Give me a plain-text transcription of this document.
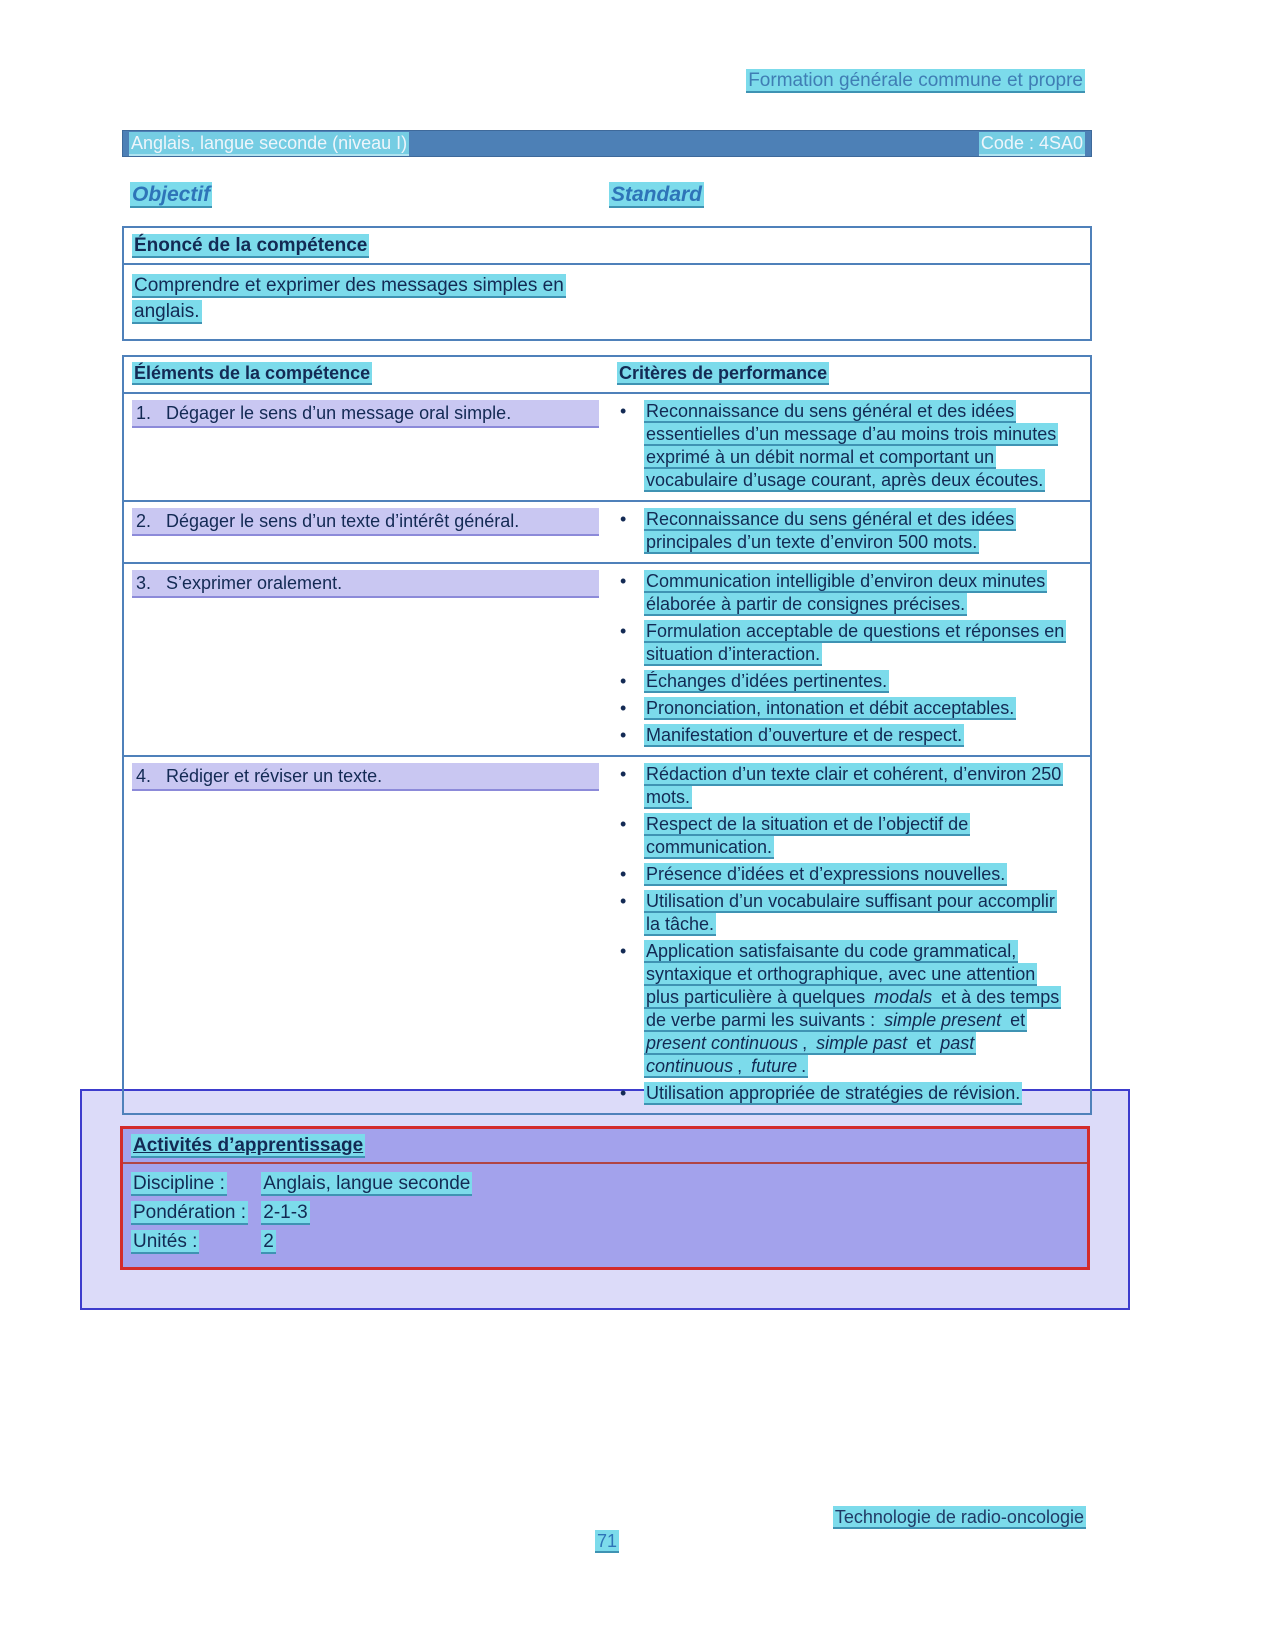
Formation générale commune et propre
Anglais, langue seconde (niveau I)	Code : 4SA0
Objectif	Standard
Énoncé de la compétence
Comprendre et exprimer des messages simples en anglais.
Éléments de la compétence	Critères de performance
1.   Dégager le sens d’un message oral simple.	•	Reconnaissance du sens général et des idées essentielles d’un message d’au moins trois minutes exprimé à un débit normal et comportant un vocabulaire d’usage courant, après deux écoutes.
2.   Dégager le sens d’un texte d’intérêt général.	•	Reconnaissance du sens général et des idées principales d’un texte d’environ 500 mots.
3.   S’exprimer oralement.	•	Communication intelligible d’environ deux minutes élaborée à partir de consignes précises.
•	Formulation acceptable de questions et réponses en situation d’interaction.
•	Échanges d’idées pertinentes.
•	Prononciation, intonation et débit acceptables.
•	Manifestation d’ouverture et de respect.
4.   Rédiger et réviser un texte.	•	Rédaction d’un texte clair et cohérent, d’environ 250 mots.
•	Respect de la situation et de l’objectif de communication.
•	Présence d’idées et d’expressions nouvelles.
•	Utilisation d’un vocabulaire suffisant pour accomplir la tâche.
•	Application satisfaisante du code grammatical, syntaxique et orthographique, avec une attention plus particulière à quelques modals et à des temps de verbe parmi les suivants : simple present et present continuous , simple past et past continuous , future .
•	Utilisation appropriée de stratégies de révision.
Activités d’apprentissage
Discipline : Anglais, langue seconde
Pondération : 2-1-3
Unités :	2
Technologie de radio-oncologie
71
